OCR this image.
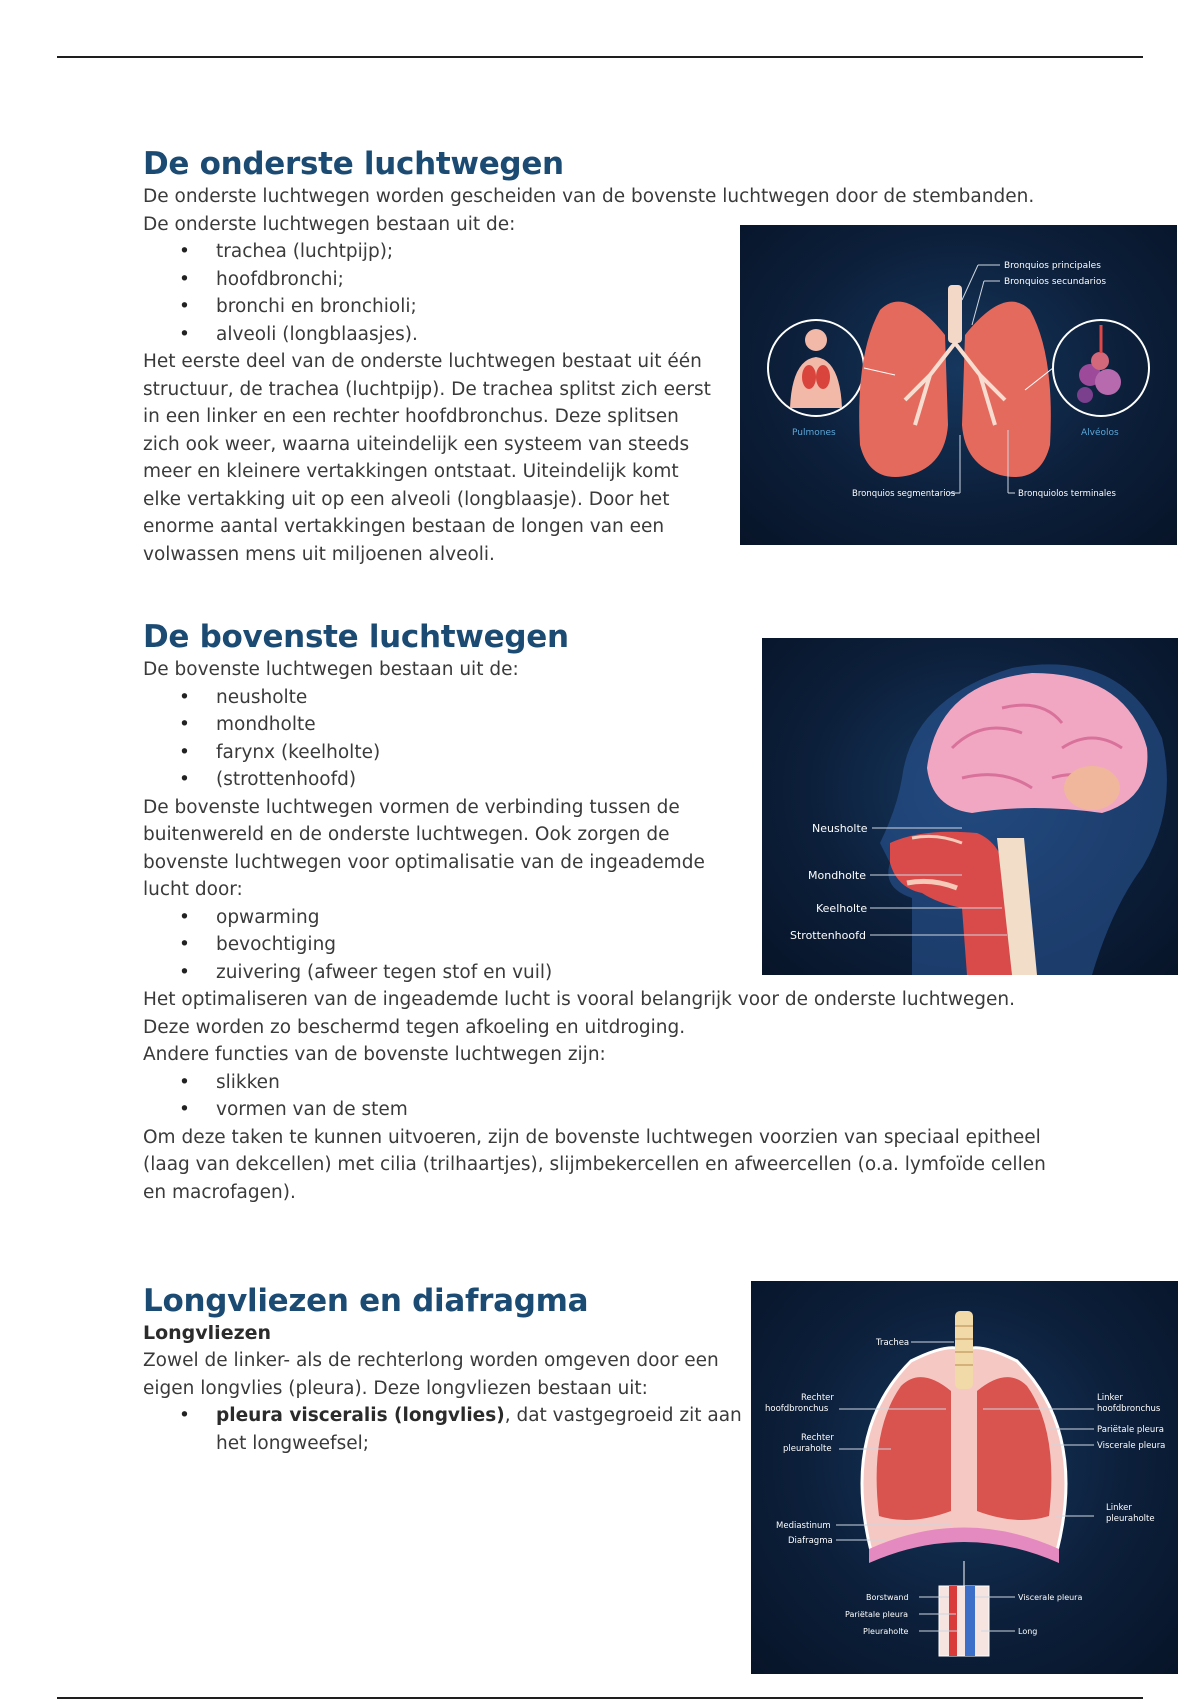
De onderste luchtwegen

De onderste luchtwegen worden gescheiden van de bovenste luchtwegen door de stembanden.

De onderste luchtwegen bestaan uit de:

• trachea (luchtpijp);
• hoofdbronchi;
• bronchi en bronchioli;
• alveoli (longblaasjes).

Het eerste deel van de onderste luchtwegen bestaat uit één

structuur, de trachea (luchtpijp). De trachea splitst zich eerst

in een linker en een rechter hoofdbronchus. Deze splitsen

zich ook weer, waarna uiteindelijk een systeem van steeds

meer en kleinere vertakkingen ontstaat. Uiteindelijk komt

elke vertakking uit op een alveoli (longblaasje). Door het

enorme aantal vertakkingen bestaan de longen van een

volwassen mens uit miljoenen alveoli.

Bronquios principales
Bronquios secundarios
Pulmones	Alvéolos
Bronquios segmentarios	Bronquiolos terminales
De bovenste luchtwegen

De bovenste luchtwegen bestaan uit de:

• neusholte
• mondholte
• farynx (keelholte)
• (strottenhoofd)

De bovenste luchtwegen vormen de verbinding tussen de

buitenwereld en de onderste luchtwegen. Ook zorgen de

bovenste luchtwegen voor optimalisatie van de ingeademde

lucht door:

• opwarming
• bevochtiging
• zuivering (afweer tegen stof en vuil)

Het optimaliseren van de ingeademde lucht is vooral belangrijk voor de onderste luchtwegen.

Deze worden zo beschermd tegen afkoeling en uitdroging.

Andere functies van de bovenste luchtwegen zijn:

• slikken
• vormen van de stem

Om deze taken te kunnen uitvoeren, zijn de bovenste luchtwegen voorzien van speciaal epitheel

(laag van dekcellen) met cilia (trilhaartjes), slijmbekercellen en afweercellen (o.a. lymfoïde cellen

en macrofagen).

Neusholte
Mondholte
Keelholte
Strottenhoofd
Longvliezen en diafragma
Longvliezen

Zowel de linker- als de rechterlong worden omgeven door een

eigen longvlies (pleura). Deze longvliezen bestaan uit:

• pleura visceralis (longvlies), dat vastgegroeid zit aan
het longweefsel;
Trachea
Rechter
hoofdbronchus
Rechter
pleuraholte
Linker
hoofdbronchus
Pariëtale pleura
Viscerale pleura
Linker
pleuraholte
Mediastinum
Diafragma
Borstwand
Pariëtale pleura
Pleuraholte
Viscerale pleura
Long
